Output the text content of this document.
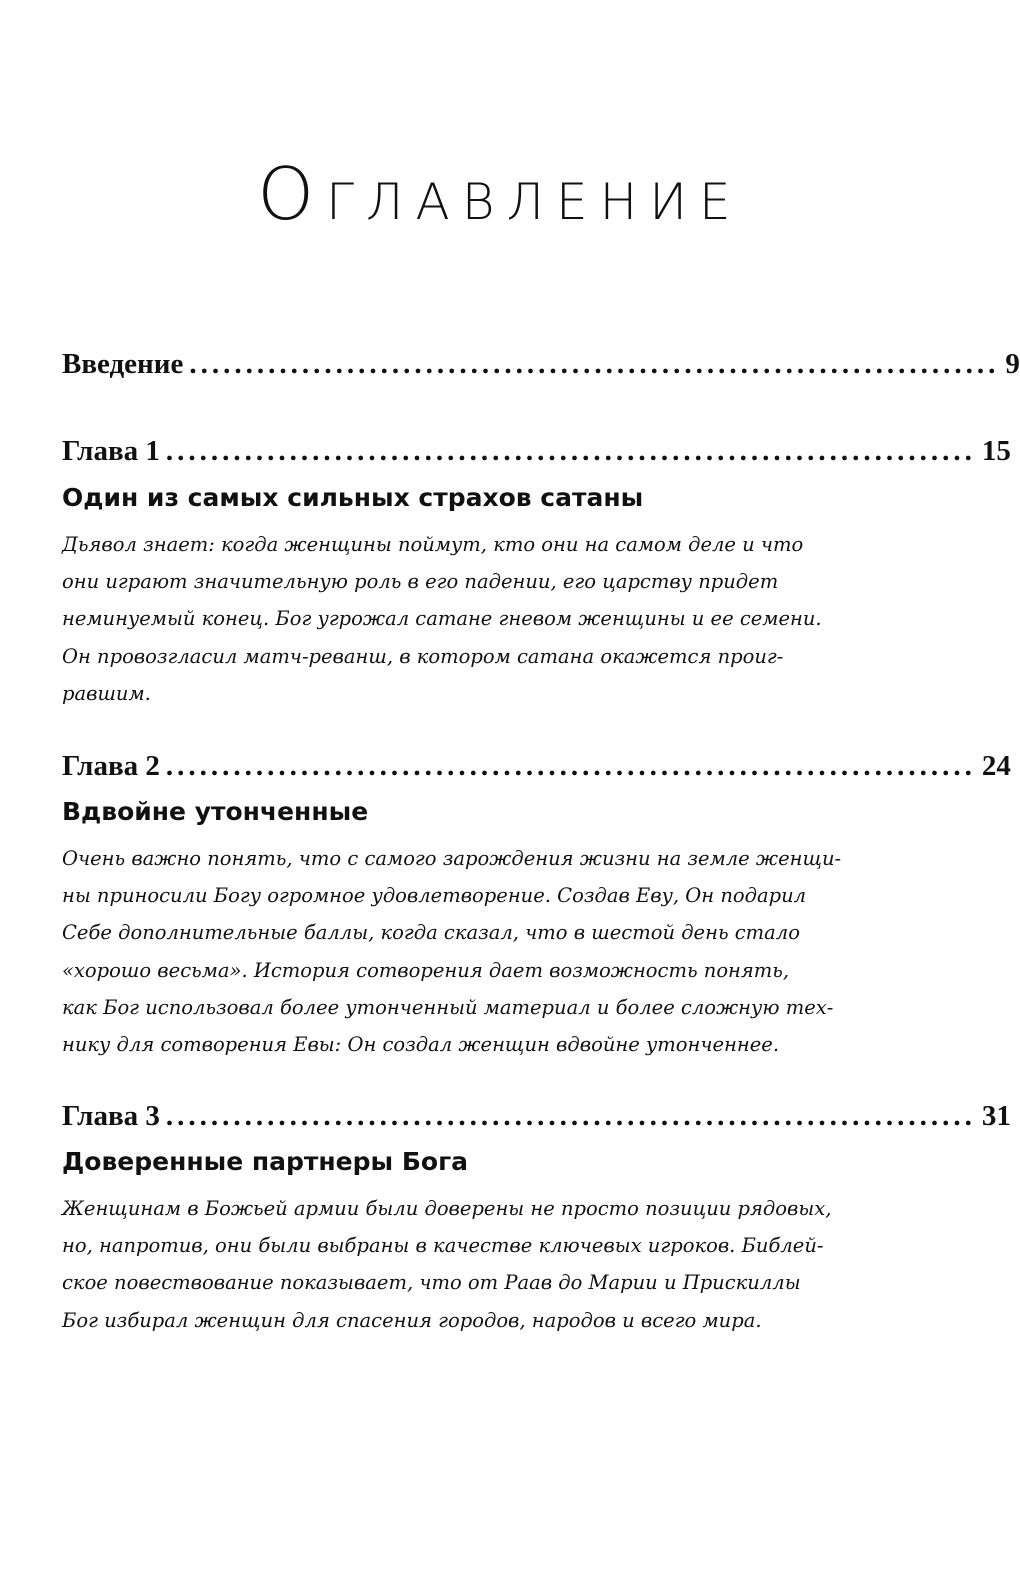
Оглавление
Введение ........................................................................ 9
Глава 1 ........................................................................ 15
Один из самых сильных страхов сатаны
Дьявол знает: когда женщины поймут, кто они на самом деле и что
они играют значительную роль в его падении, его царству придет
неминуемый конец. Бог угрожал сатане гневом женщины и ее семени.
Он провозгласил матч-реванш, в котором сатана окажется проиг-
равшим.
Глава 2 ........................................................................ 24
Вдвойне утонченные
Очень важно понять, что с самого зарождения жизни на земле женщи-
ны приносили Богу огромное удовлетворение. Создав Еву, Он подарил
Себе дополнительные баллы, когда сказал, что в шестой день стало
«хорошо весьма». История сотворения дает возможность понять,
как Бог использовал более утонченный материал и более сложную тех-
нику для сотворения Евы: Он создал женщин вдвойне утонченнее.
Глава 3 ........................................................................ 31
Доверенные партнеры Бога
Женщинам в Божьей армии были доверены не просто позиции рядовых,
но, напротив, они были выбраны в качестве ключевых игроков. Библей-
ское повествование показывает, что от Раав до Марии и Прискиллы
Бог избирал женщин для спасения городов, народов и всего мира.
